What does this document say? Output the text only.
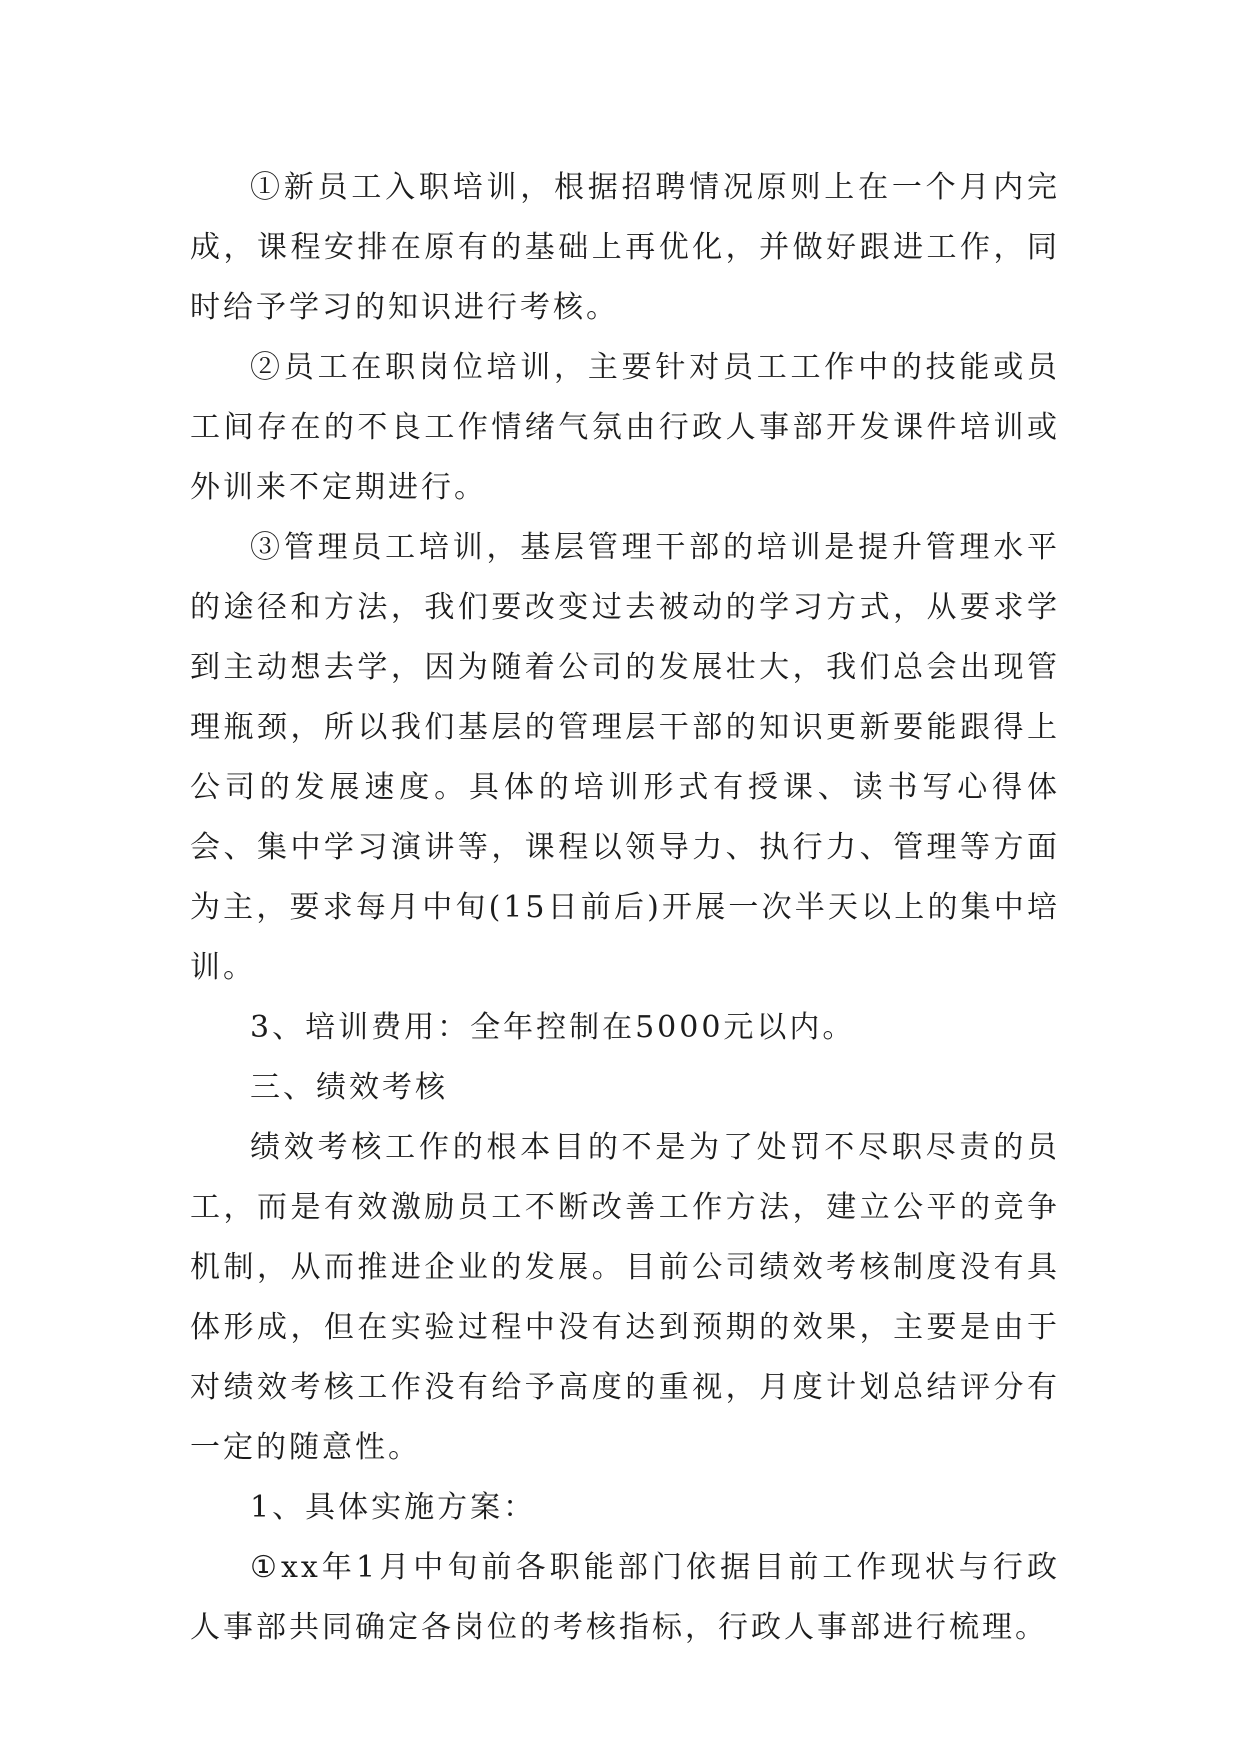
①新员工入职培训，根据招聘情况原则上在一个月内完成，课程安排在原有的基础上再优化，并做好跟进工作，同时给予学习的知识进行考核。

②员工在职岗位培训，主要针对员工工作中的技能或员工间存在的不良工作情绪气氛由行政人事部开发课件培训或外训来不定期进行。

③管理员工培训，基层管理干部的培训是提升管理水平的途径和方法，我们要改变过去被动的学习方式，从要求学到主动想去学，因为随着公司的发展壮大，我们总会出现管理瓶颈，所以我们基层的管理层干部的知识更新要能跟得上公司的发展速度。具体的培训形式有授课、读书写心得体会、集中学习演讲等，课程以领导力、执行力、管理等方面为主，要求每月中旬(15日前后)开展一次半天以上的集中培训。

3、培训费用：全年控制在5000元以内。

三、绩效考核

绩效考核工作的根本目的不是为了处罚不尽职尽责的员工，而是有效激励员工不断改善工作方法，建立公平的竞争机制，从而推进企业的发展。目前公司绩效考核制度没有具体形成，但在实验过程中没有达到预期的效果，主要是由于对绩效考核工作没有给予高度的重视，月度计划总结评分有一定的随意性。

1、具体实施方案：

①xx年1月中旬前各职能部门依据目前工作现状与行政人事部共同确定各岗位的考核指标，行政人事部进行梳理。
